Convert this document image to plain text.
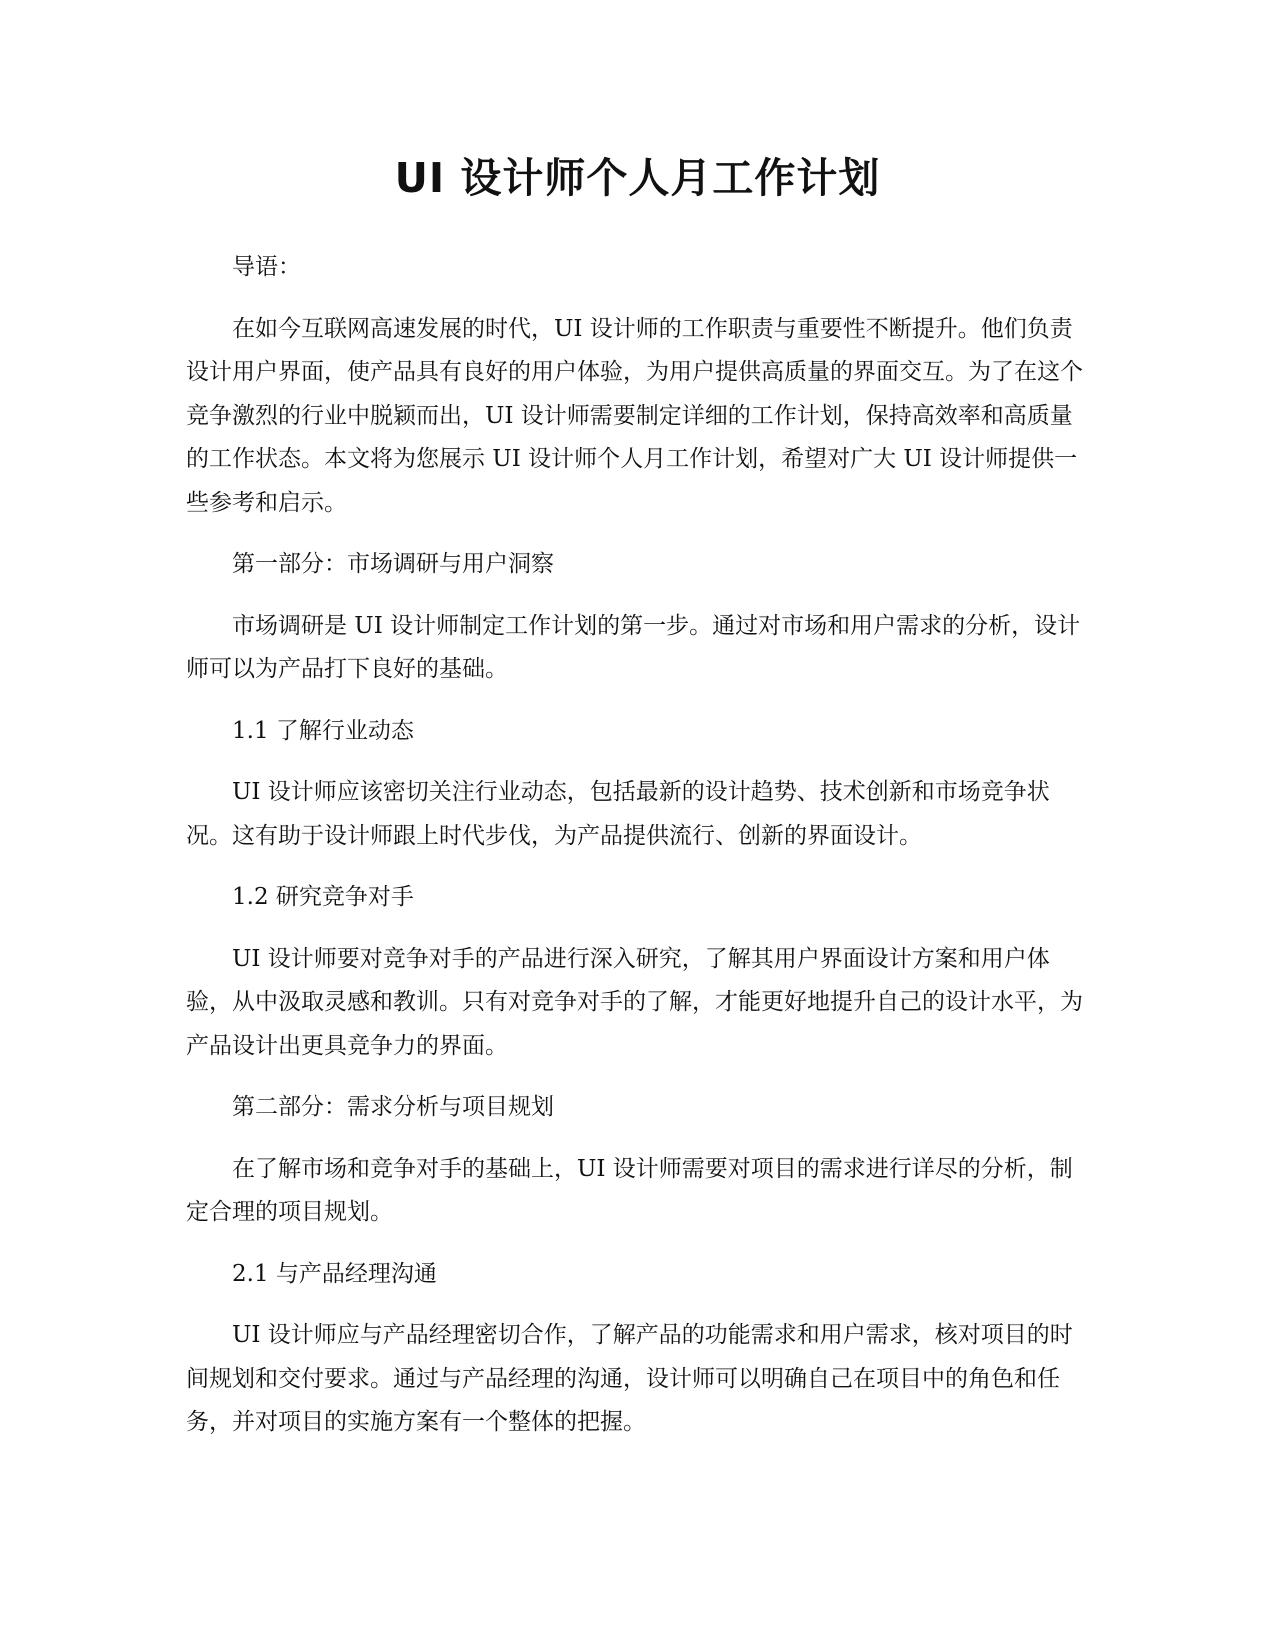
UI 设计师个人月工作计划

导语：

在如今互联网高速发展的时代，UI 设计师的工作职责与重要性不断提升。他们负责设计用户界面，使产品具有良好的用户体验，为用户提供高质量的界面交互。为了在这个竞争激烈的行业中脱颖而出，UI 设计师需要制定详细的工作计划，保持高效率和高质量的工作状态。本文将为您展示 UI 设计师个人月工作计划，希望对广大 UI 设计师提供一些参考和启示。

第一部分：市场调研与用户洞察

市场调研是 UI 设计师制定工作计划的第一步。通过对市场和用户需求的分析，设计师可以为产品打下良好的基础。

1.1 了解行业动态

UI 设计师应该密切关注行业动态，包括最新的设计趋势、技术创新和市场竞争状况。这有助于设计师跟上时代步伐，为产品提供流行、创新的界面设计。

1.2 研究竞争对手

UI 设计师要对竞争对手的产品进行深入研究，了解其用户界面设计方案和用户体验，从中汲取灵感和教训。只有对竞争对手的了解，才能更好地提升自己的设计水平，为产品设计出更具竞争力的界面。

第二部分：需求分析与项目规划

在了解市场和竞争对手的基础上，UI 设计师需要对项目的需求进行详尽的分析，制定合理的项目规划。

2.1 与产品经理沟通

UI 设计师应与产品经理密切合作，了解产品的功能需求和用户需求，核对项目的时间规划和交付要求。通过与产品经理的沟通，设计师可以明确自己在项目中的角色和任务，并对项目的实施方案有一个整体的把握。
